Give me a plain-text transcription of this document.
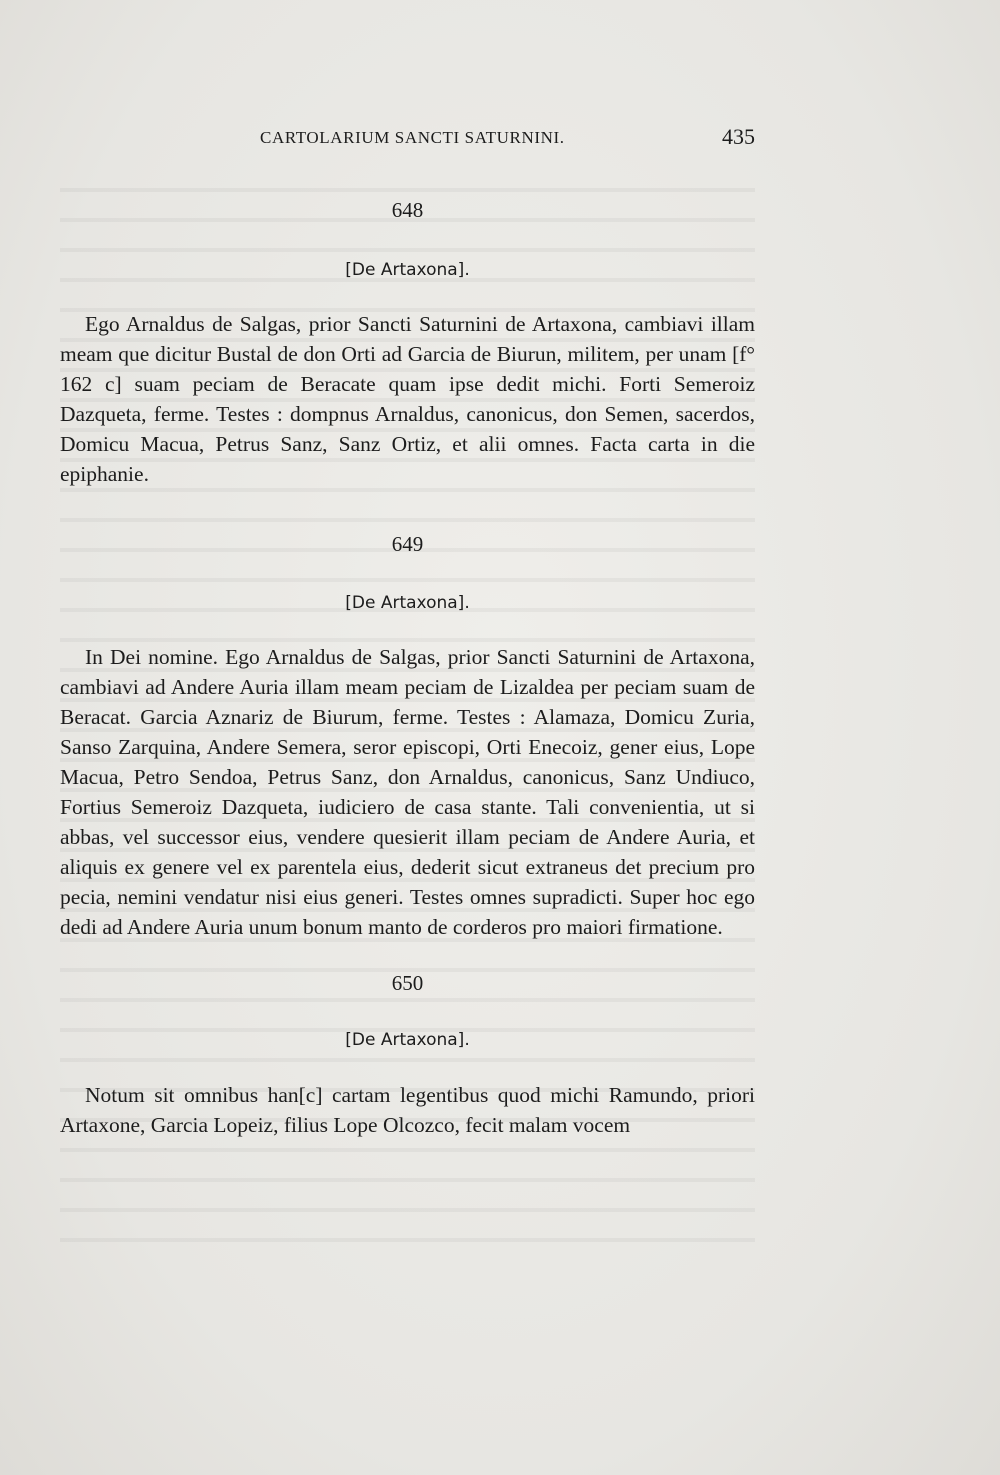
CARTOLARIUM SANCTI SATURNINI.	435

648

[De Artaxona].

Ego Arnaldus de Salgas, prior Sancti Saturnini de Artaxona, cambiavi illam meam que dicitur Bustal de don Orti ad Garcia de Biurun, militem, per unam [f° 162 c] suam peciam de Beracate quam ipse dedit michi. Forti Semeroiz Dazqueta, ferme. Testes : dompnus Arnaldus, canonicus, don Semen, sacerdos, Domicu Macua, Petrus Sanz, Sanz Ortiz, et alii omnes. Facta carta in die epiphanie.

649

[De Artaxona].

In Dei nomine. Ego Arnaldus de Salgas, prior Sancti Saturnini de Artaxona, cambiavi ad Andere Auria illam meam peciam de Lizaldea per peciam suam de Beracat. Garcia Aznariz de Biurum, ferme. Testes : Alamaza, Domicu Zuria, Sanso Zarquina, Andere Semera, seror episcopi, Orti Enecoiz, gener eius, Lope Macua, Petro Sendoa, Petrus Sanz, don Arnaldus, canonicus, Sanz Undiuco, Fortius Semeroiz Dazqueta, iudiciero de casa stante. Tali convenientia, ut si abbas, vel successor eius, vendere quesierit illam peciam de Andere Auria, et aliquis ex genere vel ex parentela eius, dederit sicut extraneus det precium pro pecia, nemini vendatur nisi eius generi. Testes omnes supradicti. Super hoc ego dedi ad Andere Auria unum bonum manto de corderos pro maiori firmatione.

650

[De Artaxona].

Notum sit omnibus han[c] cartam legentibus quod michi Ramundo, priori Artaxone, Garcia Lopeiz, filius Lope Olcozco, fecit malam vocem
